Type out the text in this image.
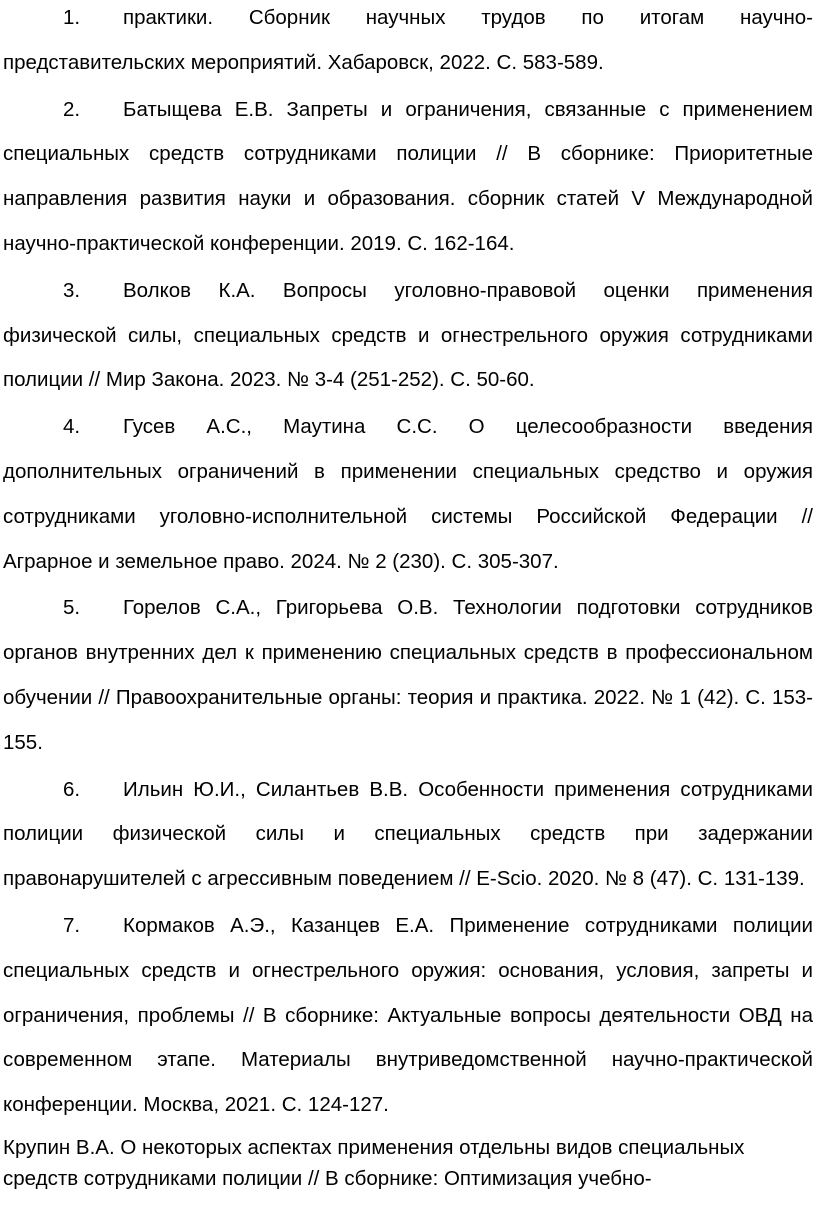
1. практики. Сборник научных трудов по итогам научно-представительских мероприятий. Хабаровск, 2022. С. 583-589.

2. Батыщева Е.В. Запреты и ограничения, связанные с применением специальных средств сотрудниками полиции // В сборнике: Приоритетные направления развития науки и образования. сборник статей V Международной научно-практической конференции. 2019. С. 162-164.

3. Волков К.А. Вопросы уголовно-правовой оценки применения физической силы, специальных средств и огнестрельного оружия сотрудниками полиции // Мир Закона. 2023. № 3-4 (251-252). С. 50-60.

4. Гусев А.С., Маутина С.С. О целесообразности введения дополнительных ограничений в применении специальных средство и оружия сотрудниками уголовно-исполнительной системы Российской Федерации // Аграрное и земельное право. 2024. № 2 (230). С. 305-307.

5. Горелов С.А., Григорьева О.В. Технологии подготовки сотрудников органов внутренних дел к применению специальных средств в профессиональном обучении // Правоохранительные органы: теория и практика. 2022. № 1 (42). С. 153-155.

6. Ильин Ю.И., Силантьев В.В. Особенности применения сотрудниками полиции физической силы и специальных средств при задержании правонарушителей с агрессивным поведением // E-Scio. 2020. № 8 (47). С. 131-139.

7. Кормаков А.Э., Казанцев Е.А. Применение сотрудниками полиции специальных средств и огнестрельного оружия: основания, условия, запреты и ограничения, проблемы // В сборнике: Актуальные вопросы деятельности ОВД на современном этапе. Материалы внутриведомственной научно-практической конференции. Москва, 2021. С. 124-127.

Крупин В.А. О некоторых аспектах применения отдельны видов специальных средств сотрудниками полиции // В сборнике: Оптимизация учебно-
